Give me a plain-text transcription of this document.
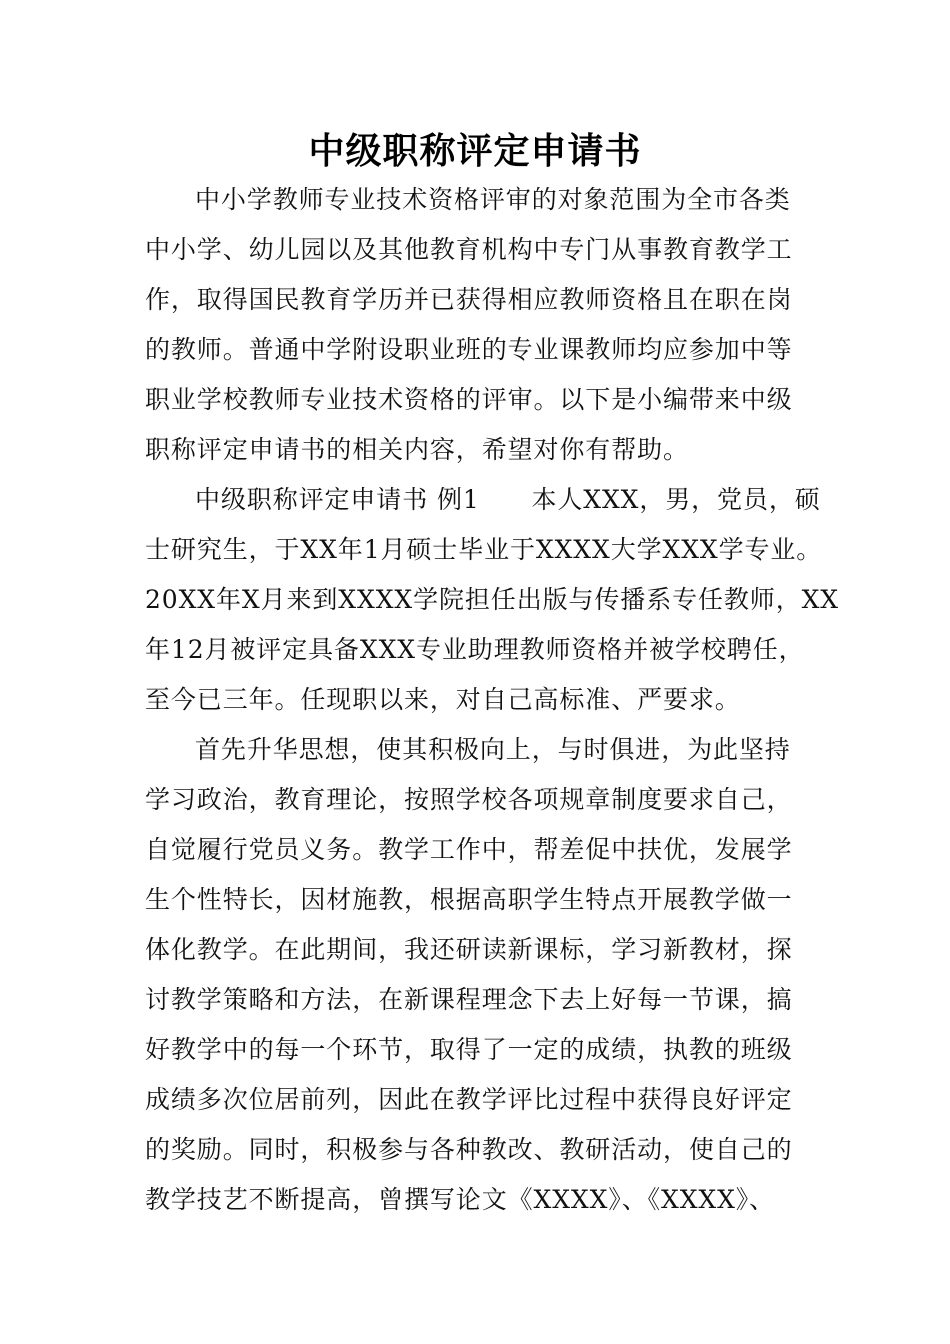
中级职称评定申请书
中小学教师专业技术资格评审的对象范围为全市各类
中小学、幼儿园以及其他教育机构中专门从事教育教学工
作，取得国民教育学历并已获得相应教师资格且在职在岗
的教师。普通中学附设职业班的专业课教师均应参加中等
职业学校教师专业技术资格的评审。以下是小编带来中级
职称评定申请书的相关内容，希望对你有帮助。
中级职称评定申请书 例1　　本人XXX，男，党员，硕
士研究生，于XX年1月硕士毕业于XXXX大学XXX学专业。
20XX年X月来到XXXX学院担任出版与传播系专任教师，XX
年12月被评定具备XXX专业助理教师资格并被学校聘任，
至今已三年。任现职以来，对自己高标准、严要求。
首先升华思想，使其积极向上，与时俱进，为此坚持
学习政治，教育理论，按照学校各项规章制度要求自己，
自觉履行党员义务。教学工作中，帮差促中扶优，发展学
生个性特长，因材施教，根据高职学生特点开展教学做一
体化教学。在此期间，我还研读新课标，学习新教材，探
讨教学策略和方法，在新课程理念下去上好每一节课，搞
好教学中的每一个环节，取得了一定的成绩，执教的班级
成绩多次位居前列，因此在教学评比过程中获得良好评定
的奖励。同时，积极参与各种教改、教研活动，使自己的
教学技艺不断提高，曾撰写论文《XXXX》、《XXXX》、
